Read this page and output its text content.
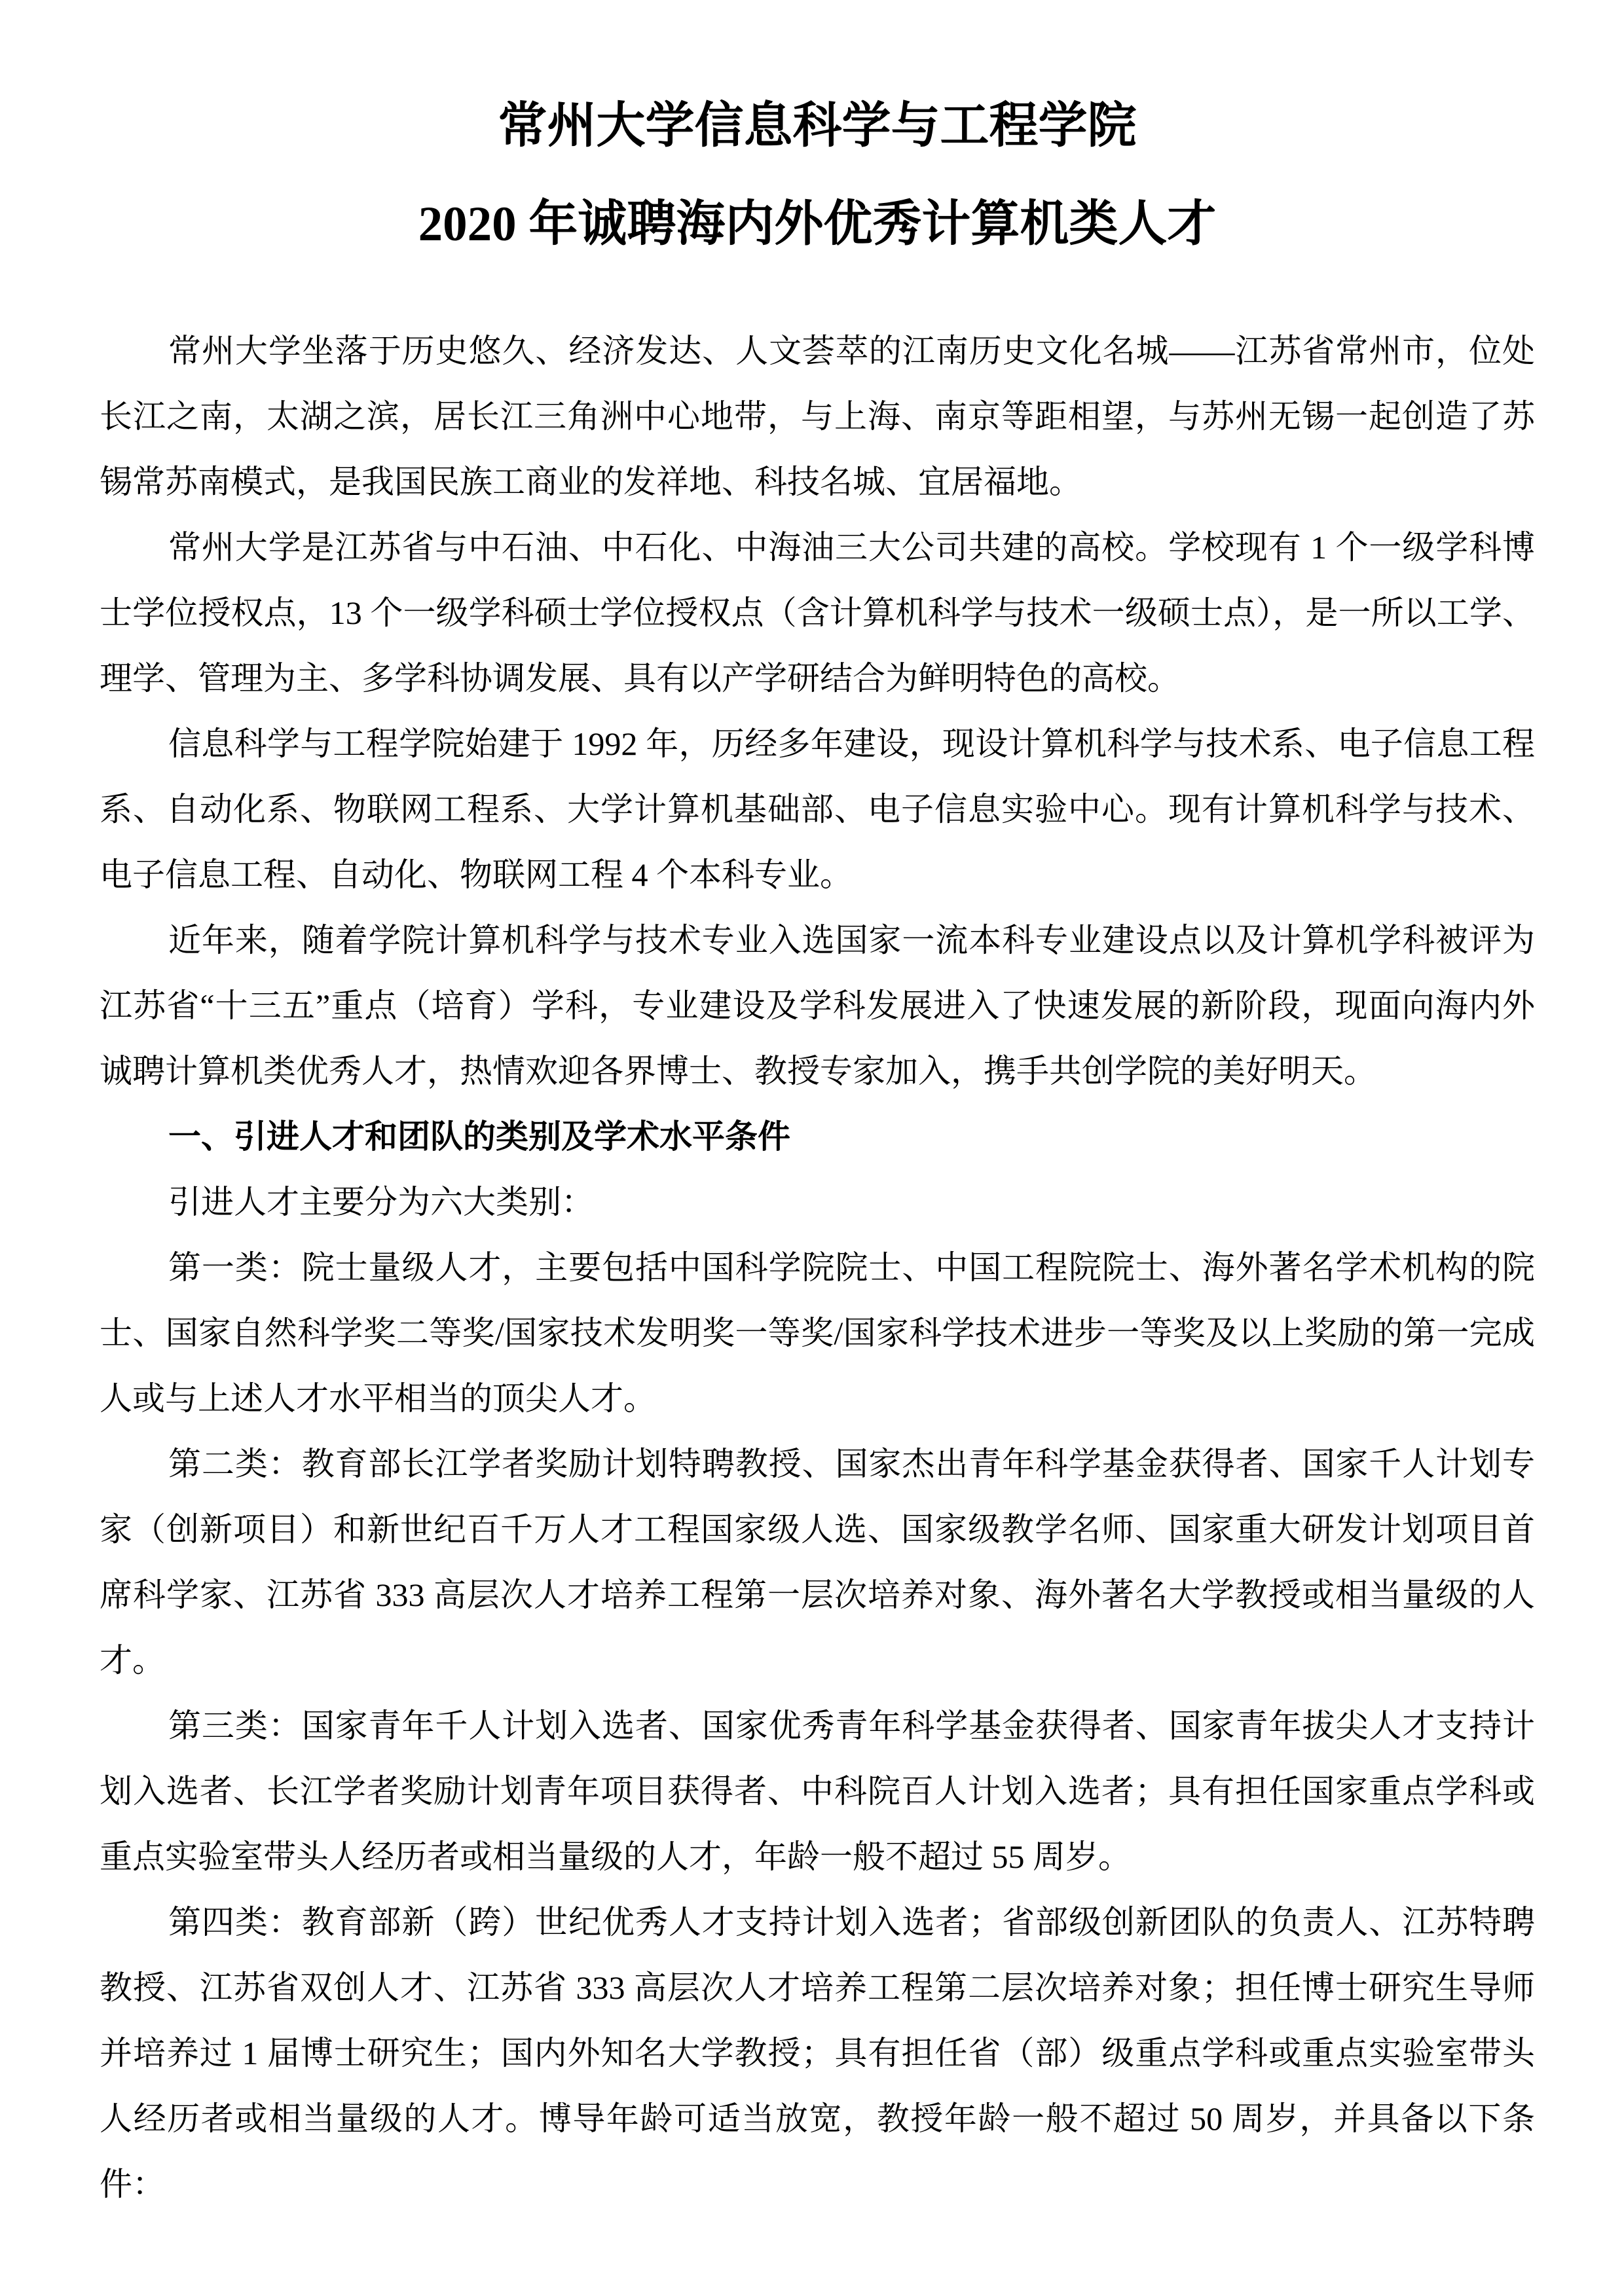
常州大学信息科学与工程学院
2020 年诚聘海内外优秀计算机类人才

常州大学坐落于历史悠久、经济发达、人文荟萃的江南历史文化名城——江苏省常州市，位处长江之南，太湖之滨，居长江三角洲中心地带，与上海、南京等距相望，与苏州无锡一起创造了苏锡常苏南模式，是我国民族工商业的发祥地、科技名城、宜居福地。

常州大学是江苏省与中石油、中石化、中海油三大公司共建的高校。学校现有 1 个一级学科博士学位授权点，13 个一级学科硕士学位授权点（含计算机科学与技术一级硕士点），是一所以工学、理学、管理为主、多学科协调发展、具有以产学研结合为鲜明特色的高校。

信息科学与工程学院始建于 1992 年，历经多年建设，现设计算机科学与技术系、电子信息工程系、自动化系、物联网工程系、大学计算机基础部、电子信息实验中心。现有计算机科学与技术、电子信息工程、自动化、物联网工程 4 个本科专业。

近年来，随着学院计算机科学与技术专业入选国家一流本科专业建设点以及计算机学科被评为江苏省“十三五”重点（培育）学科，专业建设及学科发展进入了快速发展的新阶段，现面向海内外诚聘计算机类优秀人才，热情欢迎各界博士、教授专家加入，携手共创学院的美好明天。

一、引进人才和团队的类别及学术水平条件

引进人才主要分为六大类别：

第一类：院士量级人才，主要包括中国科学院院士、中国工程院院士、海外著名学术机构的院士、国家自然科学奖二等奖/国家技术发明奖一等奖/国家科学技术进步一等奖及以上奖励的第一完成人或与上述人才水平相当的顶尖人才。

第二类：教育部长江学者奖励计划特聘教授、国家杰出青年科学基金获得者、国家千人计划专家（创新项目）和新世纪百千万人才工程国家级人选、国家级教学名师、国家重大研发计划项目首席科学家、江苏省 333 高层次人才培养工程第一层次培养对象、海外著名大学教授或相当量级的人才。

第三类：国家青年千人计划入选者、国家优秀青年科学基金获得者、国家青年拔尖人才支持计划入选者、长江学者奖励计划青年项目获得者、中科院百人计划入选者；具有担任国家重点学科或重点实验室带头人经历者或相当量级的人才，年龄一般不超过 55 周岁。

第四类：教育部新（跨）世纪优秀人才支持计划入选者；省部级创新团队的负责人、江苏特聘教授、江苏省双创人才、江苏省 333 高层次人才培养工程第二层次培养对象；担任博士研究生导师并培养过 1 届博士研究生；国内外知名大学教授；具有担任省（部）级重点学科或重点实验室带头人经历者或相当量级的人才。博导年龄可适当放宽，教授年龄一般不超过 50 周岁，并具备以下条件：
